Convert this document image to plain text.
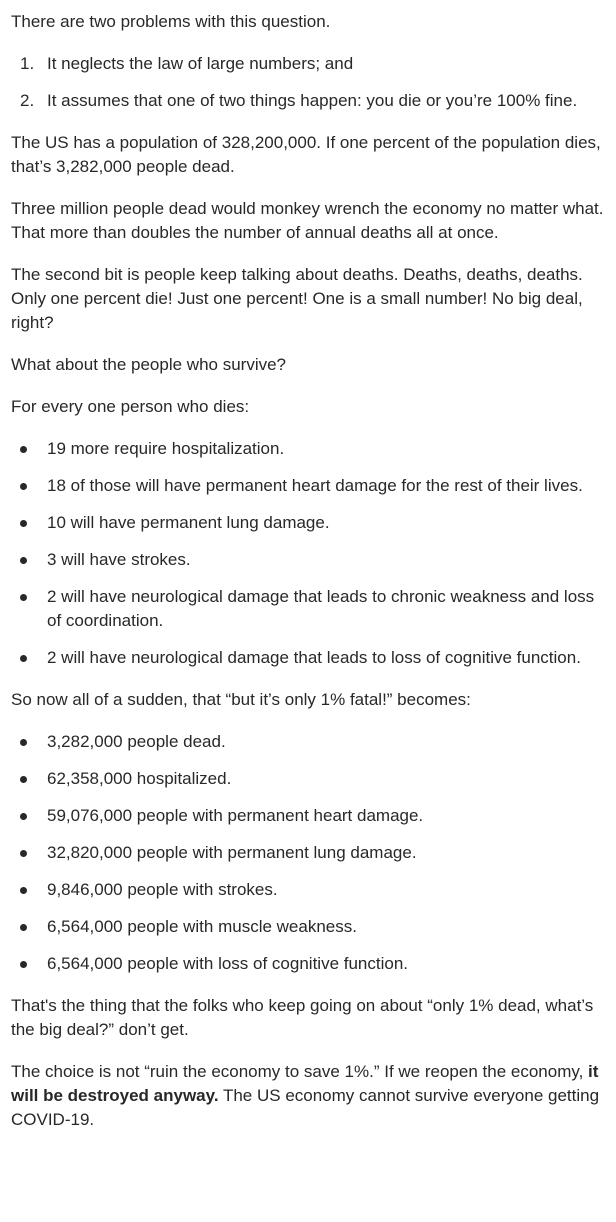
There are two problems with this question.

1. It neglects the law of large numbers; and
2. It assumes that one of two things happen: you die or you’re 100% fine.

The US has a population of 328,200,000. If one percent of the population dies, that’s 3,282,000 people dead.

Three million people dead would monkey wrench the economy no matter what. That more than doubles the number of annual deaths all at once.

The second bit is people keep talking about deaths. Deaths, deaths, deaths. Only one percent die! Just one percent! One is a small number! No big deal, right?

What about the people who survive?

For every one person who dies:

19 more require hospitalization.
18 of those will have permanent heart damage for the rest of their lives.
10 will have permanent lung damage.
3 will have strokes.
2 will have neurological damage that leads to chronic weakness and loss of coordination.
2 will have neurological damage that leads to loss of cognitive function.

So now all of a sudden, that “but it’s only 1% fatal!” becomes:

3,282,000 people dead.
62,358,000 hospitalized.
59,076,000 people with permanent heart damage.
32,820,000 people with permanent lung damage.
9,846,000 people with strokes.
6,564,000 people with muscle weakness.
6,564,000 people with loss of cognitive function.

That's the thing that the folks who keep going on about “only 1% dead, what’s the big deal?” don’t get.

The choice is not “ruin the economy to save 1%.” If we reopen the economy, it will be destroyed anyway. The US economy cannot survive everyone getting COVID-19.
